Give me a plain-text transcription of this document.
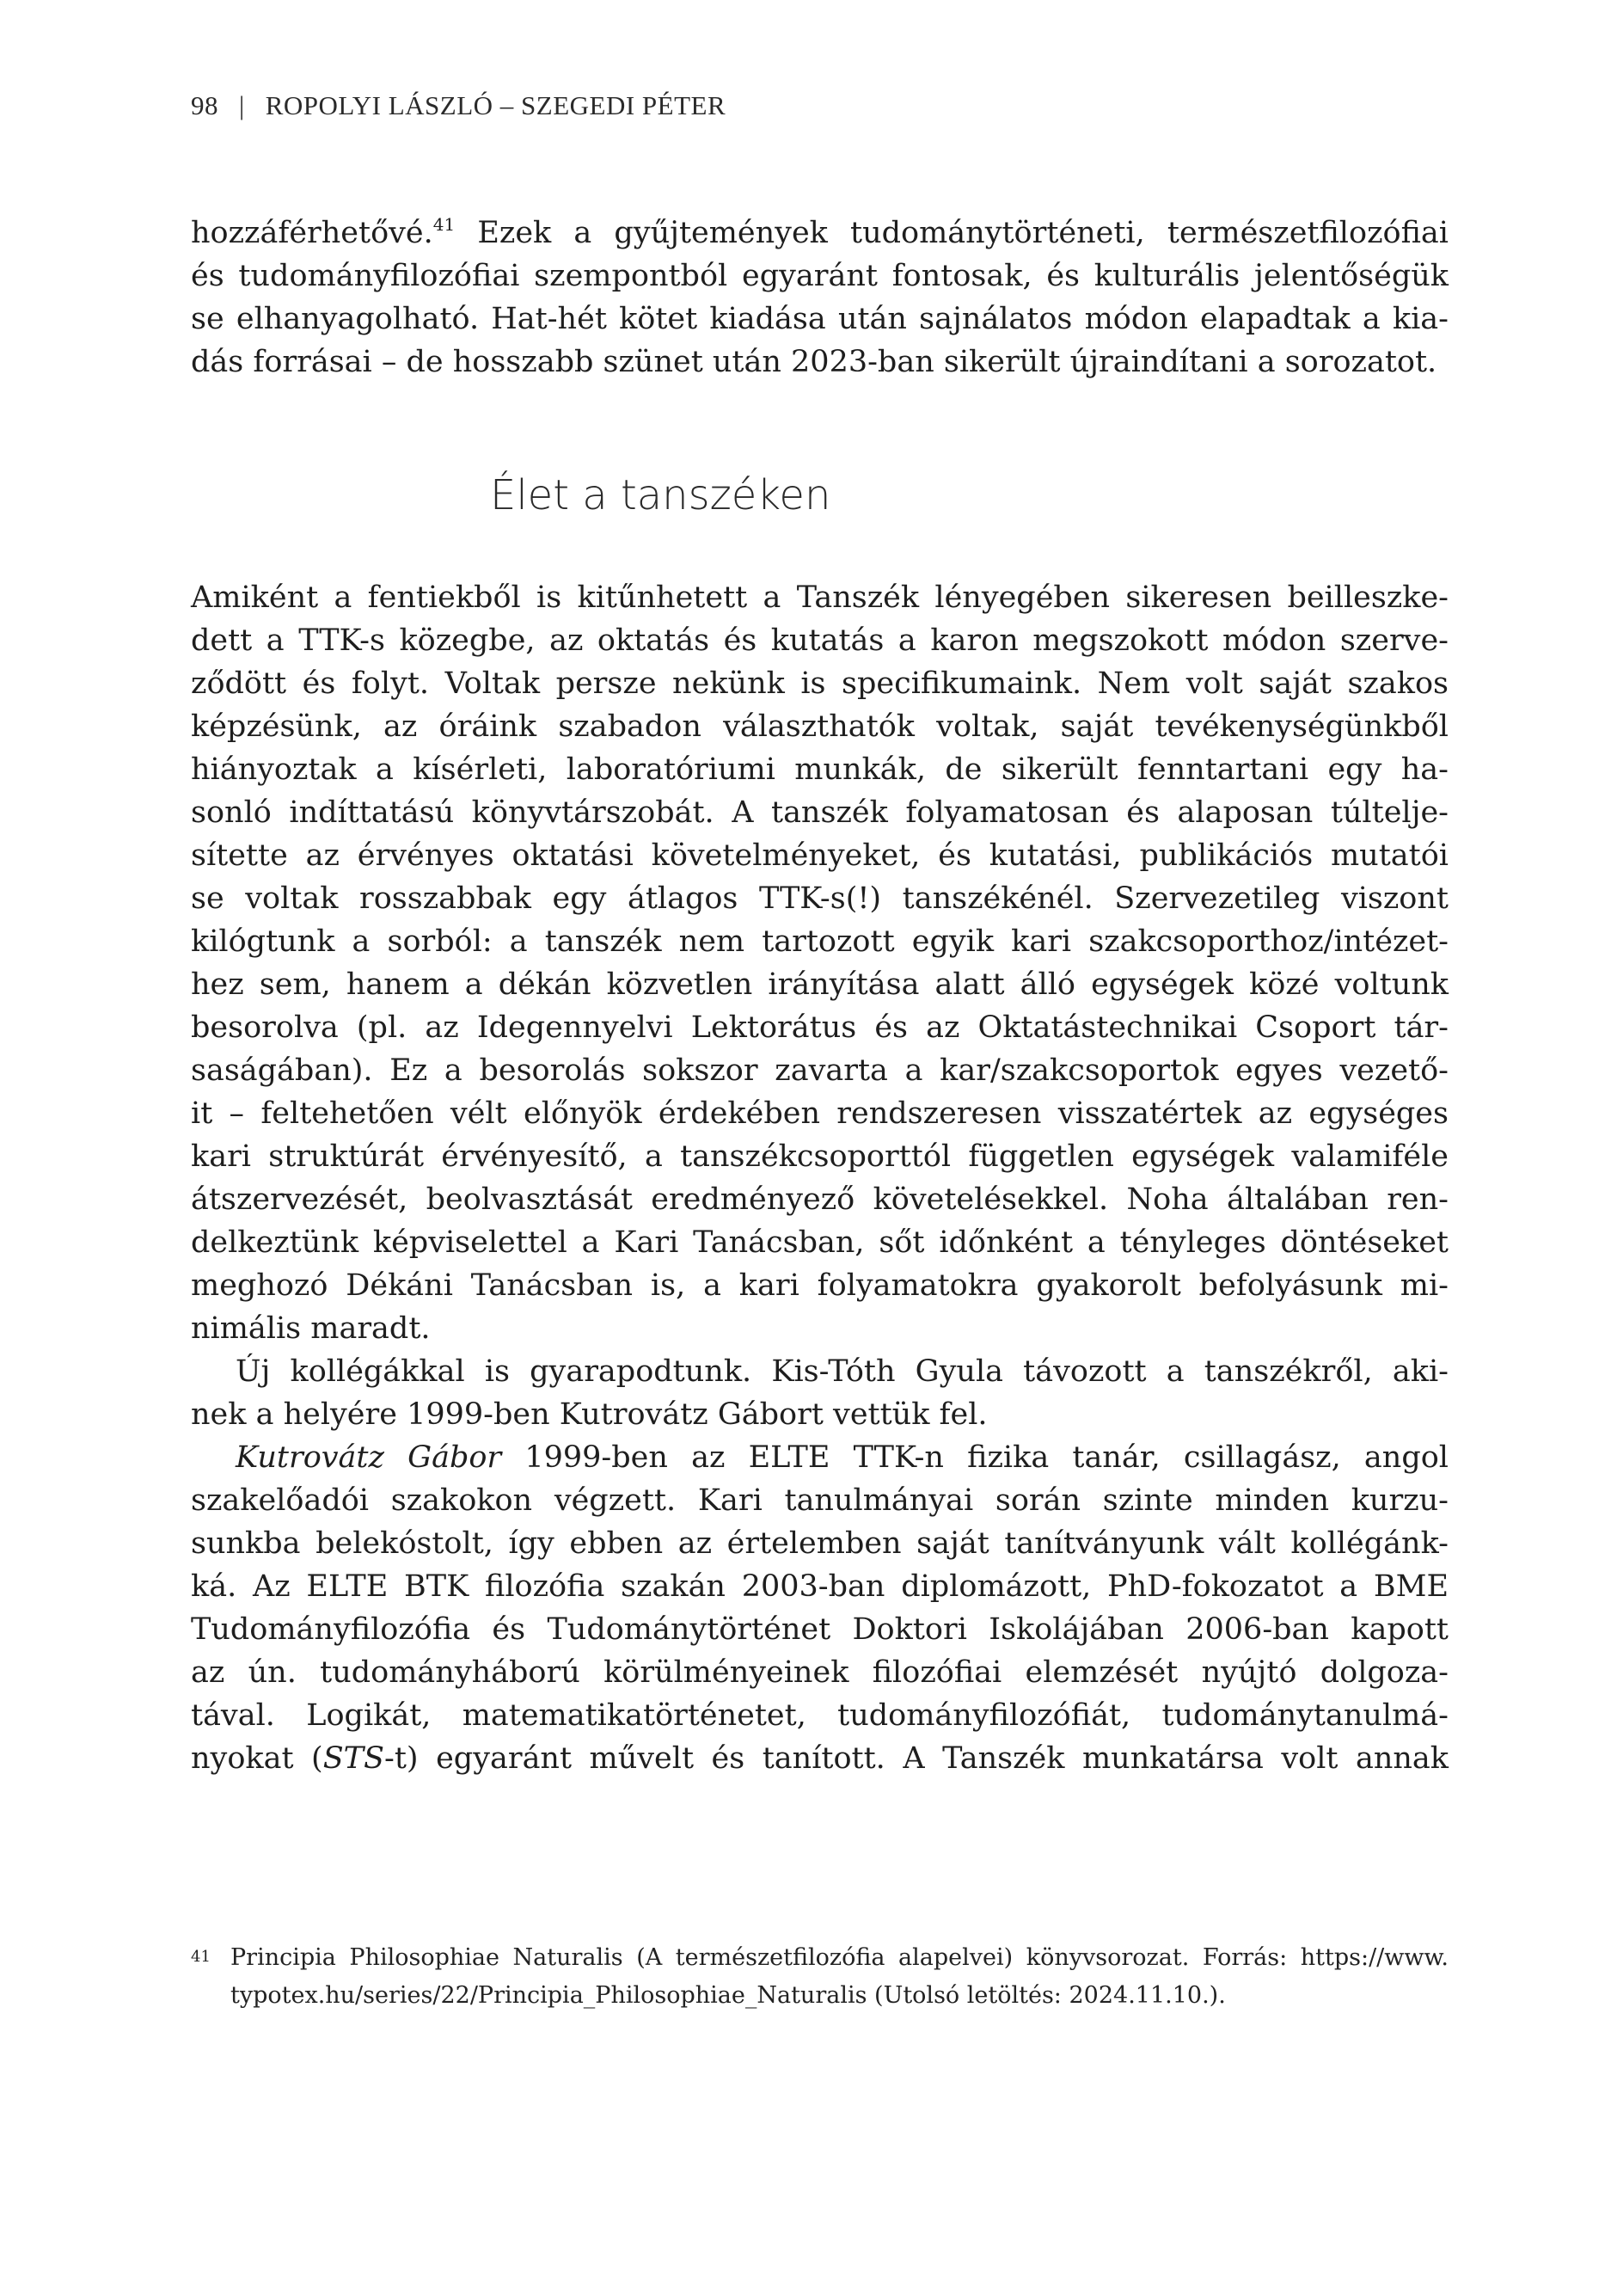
98 | ROPOLYI LÁSZLÓ – SZEGEDI PÉTER
hozzáférhetővé.$^{41}$ Ezek a gyűjtemények tudománytörténeti, természetfilozófiai
és tudományfilozófiai szempontból egyaránt fontosak, és kulturális jelentőségük
se elhanyagolható. Hat-hét kötet kiadása után sajnálatos módon elapadtak a kia-
dás forrásai – de hosszabb szünet után 2023-ban sikerült újraindítani a sorozatot.
Amiként a fentiekből is kitűnhetett a Tanszék lényegében sikeresen beilleszke-
dett a TTK-s közegbe, az oktatás és kutatás a karon megszokott módon szerve-
ződött és folyt. Voltak persze nekünk is specifikumaink. Nem volt saját szakos
képzésünk, az óráink szabadon választhatók voltak, saját tevékenységünkből
hiányoztak a kísérleti, laboratóriumi munkák, de sikerült fenntartani egy ha-
sonló indíttatású könyvtárszobát. A tanszék folyamatosan és alaposan túlteljе-
sítette az érvényes oktatási követelményeket, és kutatási, publikációs mutatói
se voltak rosszabbak egy átlagos TTK-s(!) tanszékénél. Szervezetileg viszont
kilógtunk a sorból: a tanszék nem tartozott egyik kari szakcsoporthoz/intézet-
hez sem, hanem a dékán közvetlen irányítása alatt álló egységek közé voltunk
besorolva (pl. az Idegennyelvi Lektorátus és az Oktatástechnikai Csoport tár-
saságában). Ez a besorolás sokszor zavarta a kar/szakcsoportok egyes vezető-
it – feltehetően vélt előnyök érdekében rendszeresen visszatértek az egységes
kari struktúrát érvényesítő, a tanszékcsoporttól független egységek valamiféle
átszervezését, beolvasztását eredményező követelésekkel. Noha általában ren-
delkeztünk képviselettel a Kari Tanácsban, sőt időnként a tényleges döntéseket
meghozó Dékáni Tanácsban is, a kari folyamatokra gyakorolt befolyásunk mi-
nimális maradt.
Új kollégákkal is gyarapodtunk. Kis-Tóth Gyula távozott a tanszékről, aki-
nek a helyére 1999-ben Kutrovátz Gábort vettük fel.
Kutrovátz Gábor 1999-ben az ELTE TTK-n fizika tanár, csillagász, angol
szakelőadói szakokon végzett. Kari tanulmányai során szinte minden kurzu-
sunkba belekóstolt, így ebben az értelemben saját tanítványunk vált kollégánk-
ká. Az ELTE BTK filozófia szakán 2003-ban diplomázott, PhD-fokozatot a BME
Tudományfilozófia és Tudománytörténet Doktori Iskolájában 2006-ban kapott
az ún. tudományháború körülményeinek filozófiai elemzését nyújtó dolgoza-
tával. Logikát, matematikatörténetet, tudományfilozófiát, tudománytanulmá-
nyokat (STS-t) egyaránt művelt és tanított. A Tanszék munkatársa volt annak
Élet a tanszéken
41 Principia Philosophiae Naturalis (A természetfilozófia alapelvei) könyvsorozat. Forrás: https://www.
typotex.hu/series/22/Principia_Philosophiae_Naturalis (Utolsó letöltés: 2024.11.10.).
